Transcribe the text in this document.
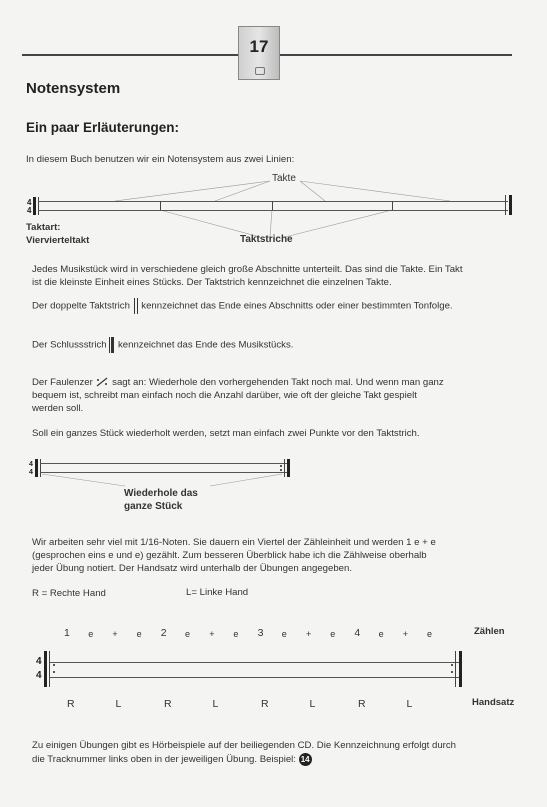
17
Notensystem
Ein paar Erläuterungen:
In diesem Buch benutzen wir ein Notensystem aus zwei Linien:
Takte
4
4
Taktart:
Viervierteltakt	Taktstriche
Jedes Musikstück wird in verschiedene gleich große Abschnitte unterteilt. Das sind die Takte. Ein Takt
ist die kleinste Einheit eines Stücks. Der Taktstrich kennzeichnet die einzelnen Takte.
Der doppelte Taktstrich kennzeichnet das Ende eines Abschnitts oder einer bestimmten Tonfolge.
Der Schlussstrich kennzeichnet das Ende des Musikstücks.
Der Faulenzer sagt an: Wiederhole den vorhergehenden Takt noch mal. Und wenn man ganz
bequem ist, schreibt man einfach noch die Anzahl darüber, wie oft der gleiche Takt gespielt
werden soll.
Soll ein ganzes Stück wiederholt werden, setzt man einfach zwei Punkte vor den Taktstrich.
4
4
Wiederhole das
ganze Stück
Wir arbeiten sehr viel mit 1/16-Noten. Sie dauern ein Viertel der Zähleinheit und werden 1 e + e
(gesprochen eins e und e) gezählt. Zum besseren Überblick habe ich die Zählweise oberhalb
jeder Übung notiert. Der Handsatz wird unterhalb der Übungen angegeben.
R = Rechte Hand	L= Linke Hand
1 e + e 2 e + e 3 e + e 4 e + e	Zählen
4
4
R	L	R	L	R	L	R	L	Handsatz
Zu einigen Übungen gibt es Hörbeispiele auf der beiliegenden CD. Die Kennzeichnung erfolgt durch
die Tracknummer links oben in der jeweiligen Übung. Beispiel: 14
